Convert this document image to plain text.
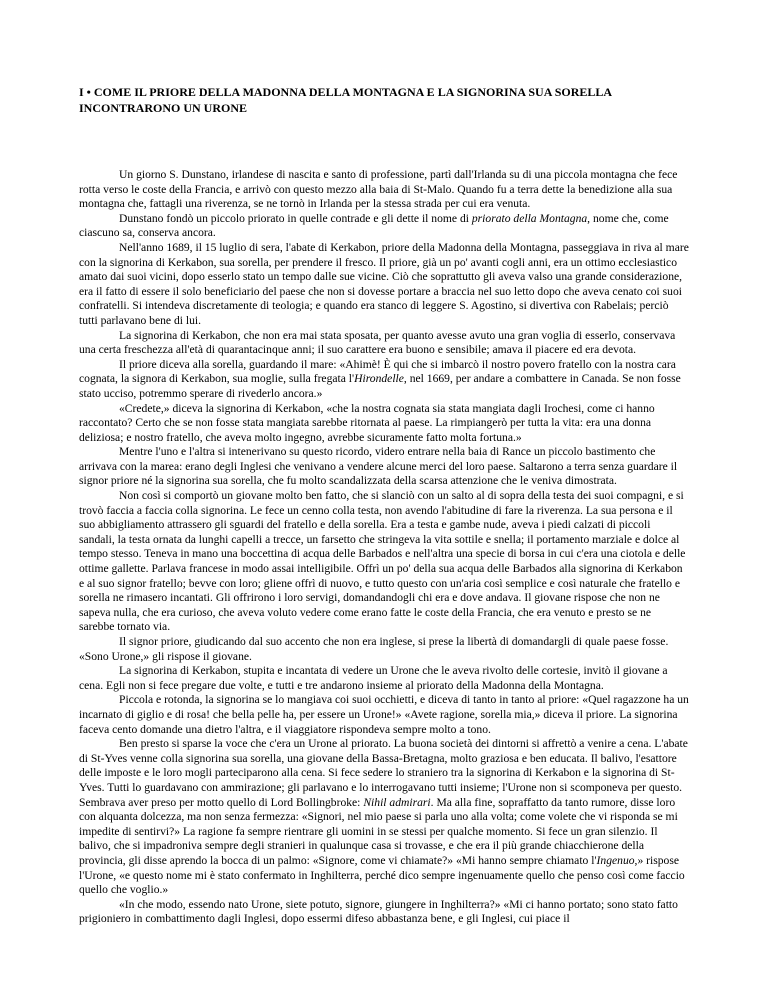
I • COME IL PRIORE DELLA MADONNA DELLA MONTAGNA E LA SIGNORINA SUA SORELLA INCONTRARONO UN URONE

Un giorno S. Dunstano, irlandese di nascita e santo di professione, partì dall'Irlanda su di una piccola montagna che fece rotta verso le coste della Francia, e arrivò con questo mezzo alla baia di St-Malo. Quando fu a terra dette la benedizione alla sua montagna che, fattagli una riverenza, se ne tornò in Irlanda per la stessa strada per cui era venuta.

Dunstano fondò un piccolo priorato in quelle contrade e gli dette il nome di priorato della Montagna, nome che, come ciascuno sa, conserva ancora.

Nell'anno 1689, il 15 luglio di sera, l'abate di Kerkabon, priore della Madonna della Montagna, passeggiava in riva al mare con la signorina di Kerkabon, sua sorella, per prendere il fresco. Il priore, già un po' avanti cogli anni, era un ottimo ecclesiastico amato dai suoi vicini, dopo esserlo stato un tempo dalle sue vicine. Ciò che soprattutto gli aveva valso una grande considerazione, era il fatto di essere il solo beneficiario del paese che non si dovesse portare a braccia nel suo letto dopo che aveva cenato coi suoi confratelli. Si intendeva discretamente di teologia; e quando era stanco di leggere S. Agostino, si divertiva con Rabelais; perciò tutti parlavano bene di lui.

La signorina di Kerkabon, che non era mai stata sposata, per quanto avesse avuto una gran voglia di esserlo, conservava una certa freschezza all'età di quarantacinque anni; il suo carattere era buono e sensibile; amava il piacere ed era devota.

Il priore diceva alla sorella, guardando il mare: «Ahimè! È qui che si imbarcò il nostro povero fratello con la nostra cara cognata, la signora di Kerkabon, sua moglie, sulla fregata l'Hirondelle, nel 1669, per andare a combattere in Canada. Se non fosse stato ucciso, potremmo sperare di rivederlo ancora.»

«Credete,» diceva la signorina di Kerkabon, «che la nostra cognata sia stata mangiata dagli Irochesi, come ci hanno raccontato? Certo che se non fosse stata mangiata sarebbe ritornata al paese. La rimpiangerò per tutta la vita: era una donna deliziosa; e nostro fratello, che aveva molto ingegno, avrebbe sicuramente fatto molta fortuna.»

Mentre l'uno e l'altra si intenerivano su questo ricordo, videro entrare nella baia di Rance un piccolo bastimento che arrivava con la marea: erano degli Inglesi che venivano a vendere alcune merci del loro paese. Saltarono a terra senza guardare il signor priore né la signorina sua sorella, che fu molto scandalizzata della scarsa attenzione che le veniva dimostrata.

Non così si comportò un giovane molto ben fatto, che si slanciò con un salto al di sopra della testa dei suoi compagni, e si trovò faccia a faccia colla signorina. Le fece un cenno colla testa, non avendo l'abitudine di fare la riverenza. La sua persona e il suo abbigliamento attrassero gli sguardi del fratello e della sorella. Era a testa e gambe nude, aveva i piedi calzati di piccoli sandali, la testa ornata da lunghi capelli a trecce, un farsetto che stringeva la vita sottile e snella; il portamento marziale e dolce al tempo stesso. Teneva in mano una boccettina di acqua delle Barbados e nell'altra una specie di borsa in cui c'era una ciotola e delle ottime gallette. Parlava francese in modo assai intelligibile. Offrì un po' della sua acqua delle Barbados alla signorina di Kerkabon e al suo signor fratello; bevve con loro; gliene offrì di nuovo, e tutto questo con un'aria così semplice e così naturale che fratello e sorella ne rimasero incantati. Gli offrirono i loro servigi, domandandogli chi era e dove andava. Il giovane rispose che non ne sapeva nulla, che era curioso, che aveva voluto vedere come erano fatte le coste della Francia, che era venuto e presto se ne sarebbe tornato via.

Il signor priore, giudicando dal suo accento che non era inglese, si prese la libertà di domandargli di quale paese fosse. «Sono Urone,» gli rispose il giovane.

La signorina di Kerkabon, stupita e incantata di vedere un Urone che le aveva rivolto delle cortesie, invitò il giovane a cena. Egli non si fece pregare due volte, e tutti e tre andarono insieme al priorato della Madonna della Montagna.

Piccola e rotonda, la signorina se lo mangiava coi suoi occhietti, e diceva di tanto in tanto al priore: «Quel ragazzone ha un incarnato di giglio e di rosa! che bella pelle ha, per essere un Urone!» «Avete ragione, sorella mia,» diceva il priore. La signorina faceva cento domande una dietro l'altra, e il viaggiatore rispondeva sempre molto a tono.

Ben presto si sparse la voce che c'era un Urone al priorato. La buona società dei dintorni si affrettò a venire a cena. L'abate di St-Yves venne colla signorina sua sorella, una giovane della Bassa-Bretagna, molto graziosa e ben educata. Il balivo, l'esattore delle imposte e le loro mogli parteciparono alla cena. Si fece sedere lo straniero tra la signorina di Kerkabon e la signorina di St-Yves. Tutti lo guardavano con ammirazione; gli parlavano e lo interrogavano tutti insieme; l'Urone non si scomponeva per questo. Sembrava aver preso per motto quello di Lord Bollingbroke: Nihil admirari. Ma alla fine, sopraffatto da tanto rumore, disse loro con alquanta dolcezza, ma non senza fermezza: «Signori, nel mio paese si parla uno alla volta; come volete che vi risponda se mi impedite di sentirvi?» La ragione fa sempre rientrare gli uomini in se stessi per qualche momento. Si fece un gran silenzio. Il balivo, che si impadroniva sempre degli stranieri in qualunque casa si trovasse, e che era il più grande chiacchierone della provincia, gli disse aprendo la bocca di un palmo: «Signore, come vi chiamate?» «Mi hanno sempre chiamato l'Ingenuo,» rispose l'Urone, «e questo nome mi è stato confermato in Inghilterra, perché dico sempre ingenuamente quello che penso così come faccio quello che voglio.»

«In che modo, essendo nato Urone, siete potuto, signore, giungere in Inghilterra?» «Mi ci hanno portato; sono stato fatto prigioniero in combattimento dagli Inglesi, dopo essermi difeso abbastanza bene, e gli Inglesi, cui piace il
